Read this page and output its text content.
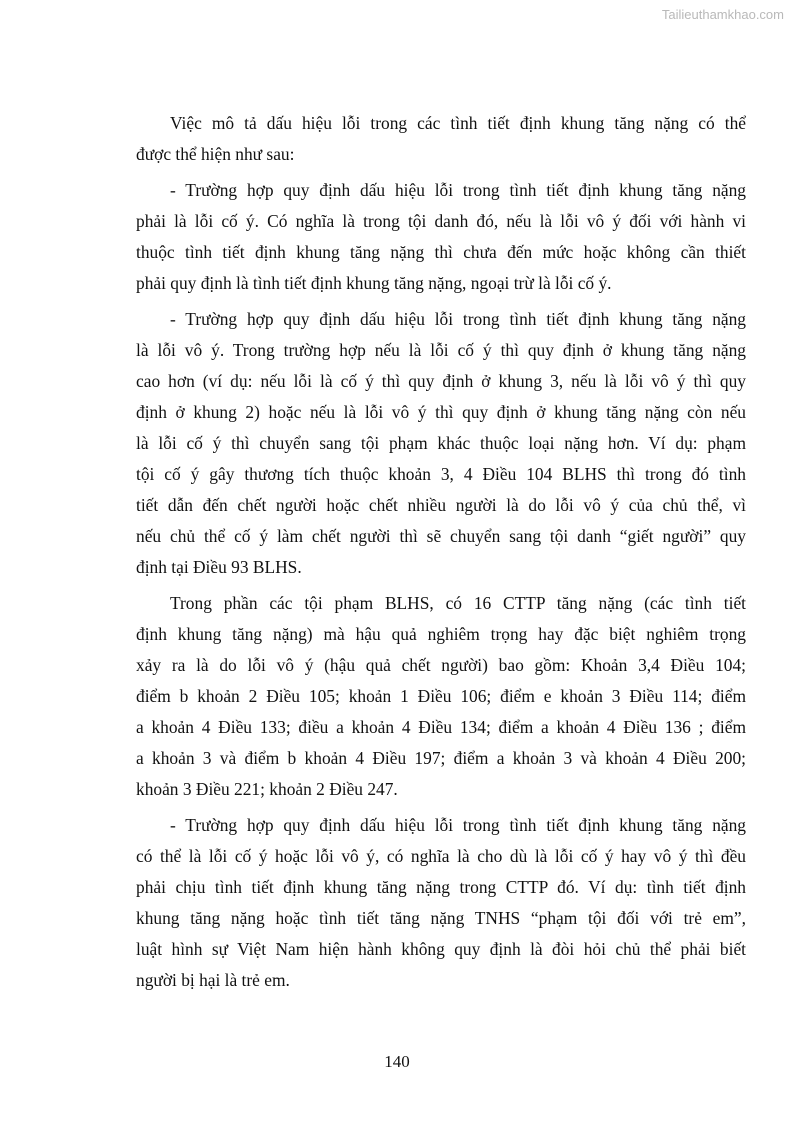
Tailieuthamkhao.com
Việc mô tả dấu hiệu lỗi trong các tình tiết định khung tăng nặng có thể
được thể hiện như sau:
- Trường hợp quy định dấu hiệu lỗi trong tình tiết định khung tăng nặng
phải là lỗi cố ý. Có nghĩa là trong tội danh đó, nếu là lỗi vô ý đối với hành vi
thuộc tình tiết định khung tăng nặng thì chưa đến mức hoặc không cần thiết
phải quy định là tình tiết định khung tăng nặng, ngoại trừ là lỗi cố ý.
- Trường hợp quy định dấu hiệu lỗi trong tình tiết định khung tăng nặng
là lỗi vô ý. Trong trường hợp nếu là lỗi cố ý thì quy định ở khung tăng nặng
cao hơn (ví dụ: nếu lỗi là cố ý thì quy định ở khung 3, nếu là lỗi vô ý thì quy
định ở khung 2) hoặc nếu là lỗi vô ý thì quy định ở khung tăng nặng còn nếu
là lỗi cố ý thì chuyển sang tội phạm khác thuộc loại nặng hơn. Ví dụ: phạm
tội cố ý gây thương tích thuộc khoản 3, 4 Điều 104 BLHS thì trong đó tình
tiết dẫn đến chết người hoặc chết nhiều người là do lỗi vô ý của chủ thể, vì
nếu chủ thể cố ý làm chết người thì sẽ chuyển sang tội danh “giết người” quy
định tại Điều 93 BLHS.
Trong phần các tội phạm BLHS, có 16 CTTP tăng nặng (các tình tiết
định khung tăng nặng) mà hậu quả nghiêm trọng hay đặc biệt nghiêm trọng
xảy ra là do lỗi vô ý (hậu quả chết người) bao gồm: Khoản 3,4 Điều 104;
điểm b khoản 2 Điều 105; khoản 1 Điều 106; điểm e khoản 3 Điều 114; điểm
a khoản 4 Điều 133; điều a khoản 4 Điều 134; điểm a khoản 4 Điều 136 ; điểm
a khoản 3 và điểm b khoản 4 Điều 197; điểm a khoản 3 và khoản 4 Điều 200;
khoản 3 Điều 221; khoản 2 Điều 247.
- Trường hợp quy định dấu hiệu lỗi trong tình tiết định khung tăng nặng
có thể là lỗi cố ý hoặc lỗi vô ý, có nghĩa là cho dù là lỗi cố ý hay vô ý thì đều
phải chịu tình tiết định khung tăng nặng trong CTTP đó. Ví dụ: tình tiết định
khung tăng nặng hoặc tình tiết tăng nặng TNHS “phạm tội đối với trẻ em”,
luật hình sự Việt Nam hiện hành không quy định là đòi hỏi chủ thể phải biết
người bị hại là trẻ em.
140
